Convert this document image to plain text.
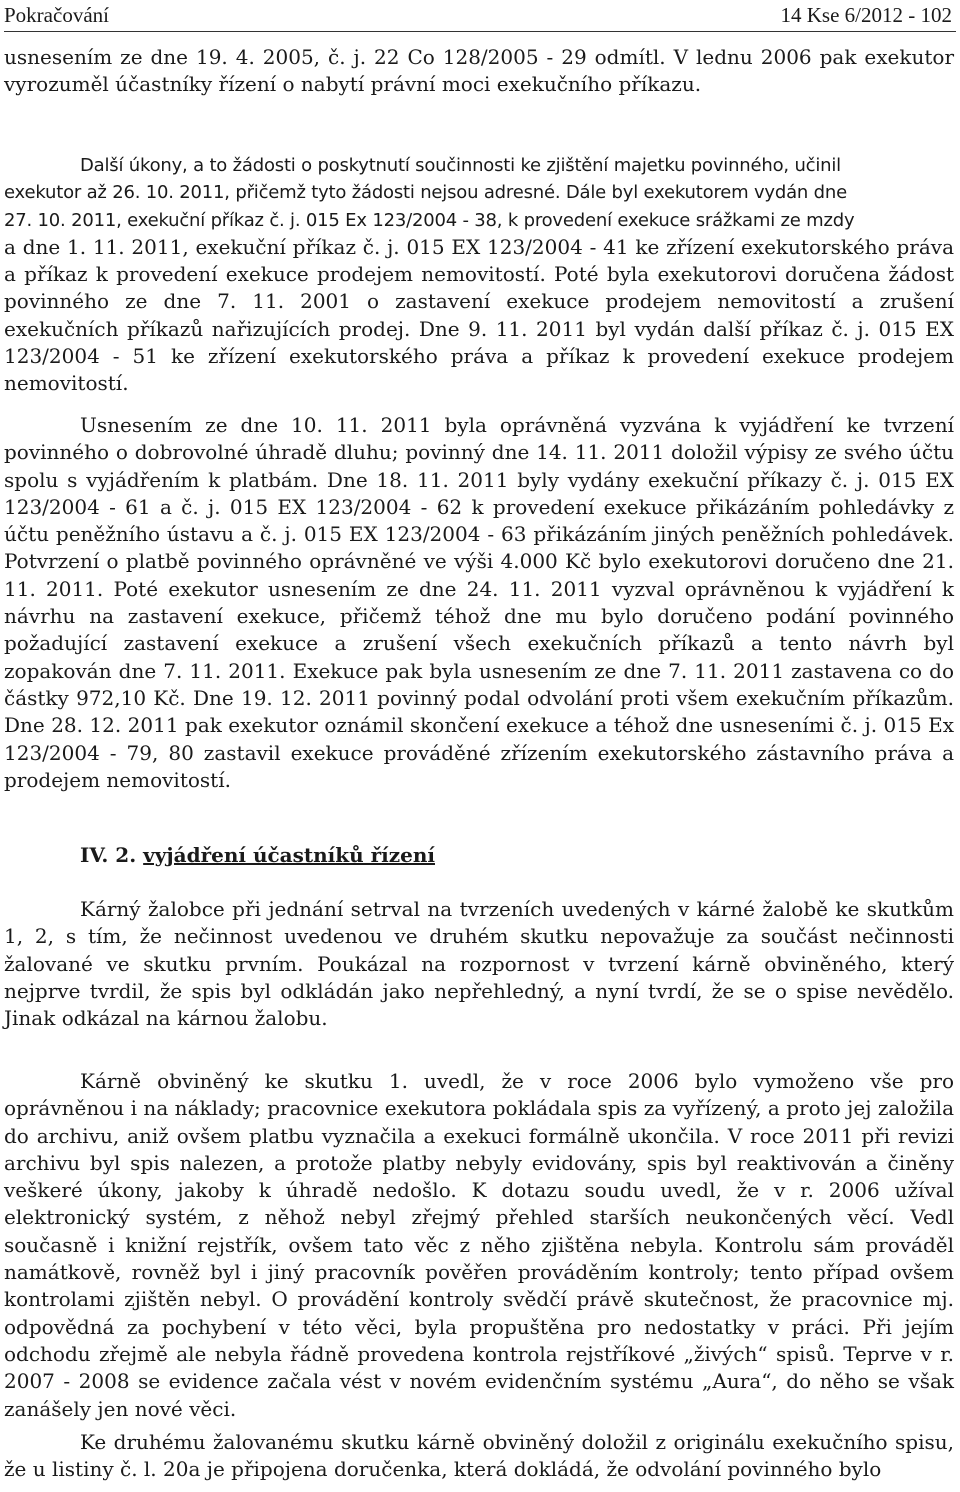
Pokračování	14 Kse 6/2012 - 102

usnesením ze dne 19. 4. 2005, č. j. 22 Co 128/2005 - 29 odmítl. V lednu 2006 pak exekutor vyrozuměl účastníky řízení o nabytí právní moci exekučního příkazu.

Další úkony, a to žádosti o poskytnutí součinnosti ke zjištění majetku povinného, učinil
exekutor až 26. 10. 2011, přičemž tyto žádosti nejsou adresné. Dále byl exekutorem vydán dne
27. 10. 2011, exekuční příkaz č. j. 015 Ex 123/2004 - 38, k provedení exekuce srážkami ze mzdy
a dne 1. 11. 2011, exekuční příkaz č. j. 015 EX 123/2004 - 41 ke zřízení exekutorského práva a příkaz k provedení exekuce prodejem nemovitostí. Poté byla exekutorovi doručena žádost povinného ze dne 7. 11. 2001 o zastavení exekuce prodejem nemovitostí a zrušení exekučních příkazů nařizujících prodej. Dne 9. 11. 2011 byl vydán další příkaz č. j. 015 EX 123/2004 - 51 ke zřízení exekutorského práva a příkaz k provedení exekuce prodejem nemovitostí.

Usnesením ze dne 10. 11. 2011 byla oprávněná vyzvána k vyjádření ke tvrzení povinného o dobrovolné úhradě dluhu; povinný dne 14. 11. 2011 doložil výpisy ze svého účtu spolu s vyjádřením k platbám. Dne 18. 11. 2011 byly vydány exekuční příkazy č. j. 015 EX 123/2004 - 61 a č. j. 015 EX 123/2004 - 62 k provedení exekuce přikázáním pohledávky z účtu peněžního ústavu a č. j. 015 EX 123/2004 - 63 přikázáním jiných peněžních pohledávek. Potvrzení o platbě povinného oprávněné ve výši 4.000 Kč bylo exekutorovi doručeno dne 21. 11. 2011. Poté exekutor usnesením ze dne 24. 11. 2011 vyzval oprávněnou k vyjádření k návrhu na zastavení exekuce, přičemž téhož dne mu bylo doručeno podání povinného požadující zastavení exekuce a zrušení všech exekučních příkazů a tento návrh byl zopakován dne 7. 11. 2011. Exekuce pak byla usnesením ze dne 7. 11. 2011 zastavena co do částky 972,10 Kč. Dne 19. 12. 2011 povinný podal odvolání proti všem exekučním příkazům. Dne 28. 12. 2011 pak exekutor oznámil skončení exekuce a téhož dne usneseními č. j. 015 Ex 123/2004 - 79, 80 zastavil exekuce prováděné zřízením exekutorského zástavního práva a prodejem nemovitostí.

IV. 2. vyjádření účastníků řízení

Kárný žalobce při jednání setrval na tvrzeních uvedených v kárné žalobě ke skutkům 1, 2, s tím, že nečinnost uvedenou ve druhém skutku nepovažuje za součást nečinnosti žalované ve skutku prvním. Poukázal na rozpornost v tvrzení kárně obviněného, který nejprve tvrdil, že spis byl odkládán jako nepřehledný, a nyní tvrdí, že se o spise nevědělo. Jinak odkázal na kárnou žalobu.

Kárně obviněný ke skutku 1. uvedl, že v roce 2006 bylo vymoženo vše pro oprávněnou i na náklady; pracovnice exekutora pokládala spis za vyřízený, a proto jej založila do archivu, aniž ovšem platbu vyznačila a exekuci formálně ukončila. V roce 2011 při revizi archivu byl spis nalezen, a protože platby nebyly evidovány, spis byl reaktivován a činěny veškeré úkony, jakoby k úhradě nedošlo. K dotazu soudu uvedl, že v r. 2006 užíval elektronický systém, z něhož nebyl zřejmý přehled starších neukončených věcí. Vedl současně i knižní rejstřík, ovšem tato věc z něho zjištěna nebyla. Kontrolu sám prováděl namátkově, rovněž byl i jiný pracovník pověřen prováděním kontroly; tento případ ovšem kontrolami zjištěn nebyl. O provádění kontroly svědčí právě skutečnost, že pracovnice mj. odpovědná za pochybení v této věci, byla propuštěna pro nedostatky v práci. Při jejím odchodu zřejmě ale nebyla řádně provedena kontrola rejstříkové „živých“ spisů. Teprve v r. 2007 - 2008 se evidence začala vést v novém evidenčním systému „Aura“, do něho se však zanášely jen nové věci.

Ke druhému žalovanému skutku kárně obviněný doložil z originálu exekučního spisu, že u listiny č. l. 20a je připojena doručenka, která dokládá, že odvolání povinného bylo
